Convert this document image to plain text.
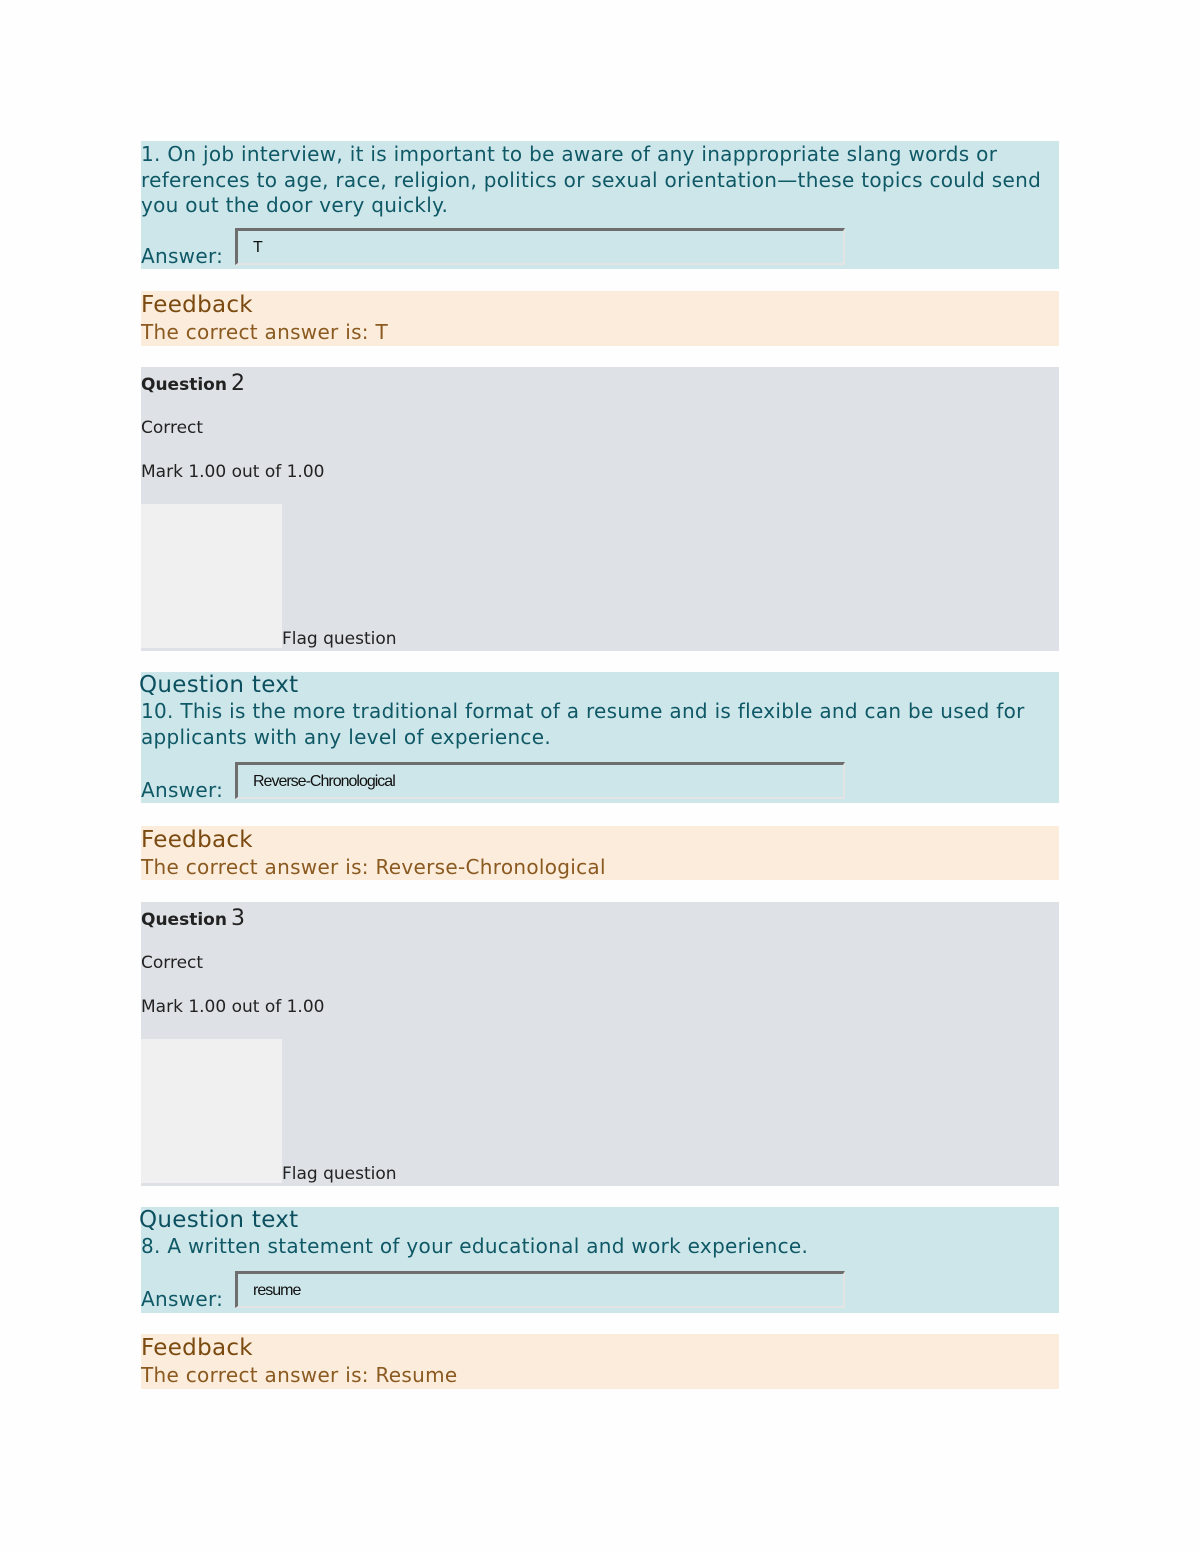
1. On job interview, it is important to be aware of any inappropriate slang words or references to age, race, religion, politics or sexual orientation—these topics could send you out the door very quickly.

Answer:	T
Feedback
The correct answer is: T
Question 2
Correct
Mark 1.00 out of 1.00
Flag question
Question text

10. This is the more traditional format of a resume and is flexible and can be used for applicants with any level of experience.

Answer:	Reverse-Chronological
Feedback
The correct answer is: Reverse-Chronological
Question 3
Correct
Mark 1.00 out of 1.00
Flag question
Question text

8. A written statement of your educational and work experience.

Answer:	resume
Feedback
The correct answer is: Resume
